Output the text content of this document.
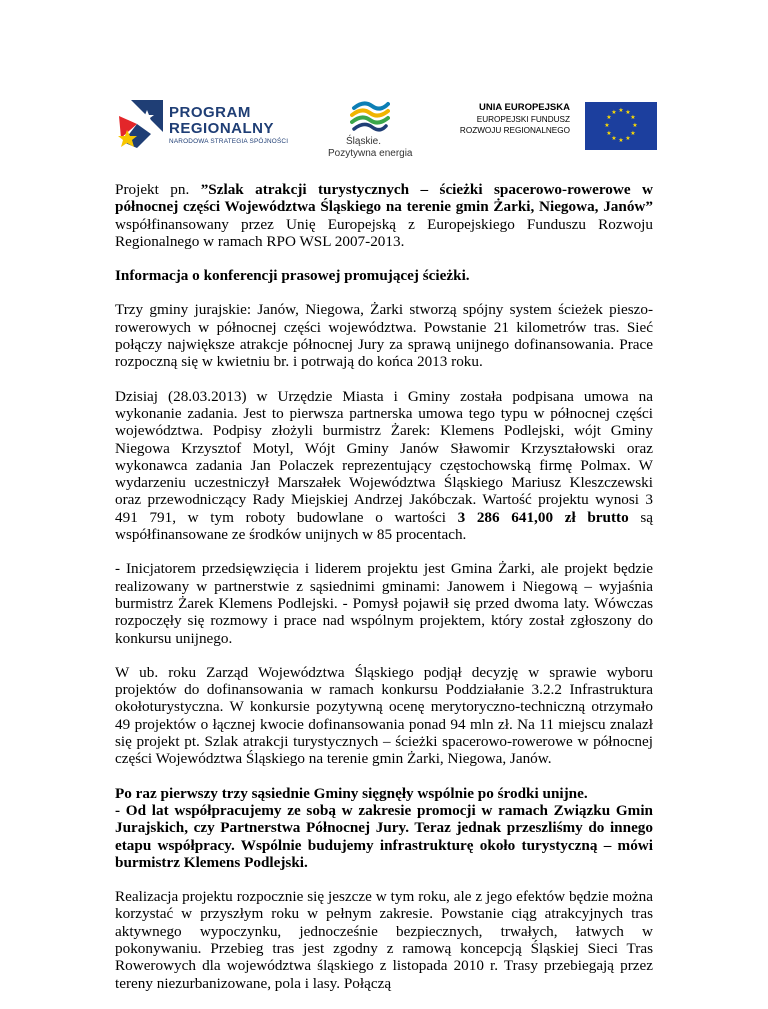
PROGRAM
REGIONALNY
NARODOWA STRATEGIA SPÓJNOŚCI	Śląskie.
Pozytywna energia
UNIA EUROPEJSKA
EUROPEJSKI FUNDUSZ
ROZWOJU REGIONALNEGO
★ ★
★
★
★
★
★
★
★
★
★
★

Projekt pn. ”Szlak atrakcji turystycznych – ścieżki spacerowo-rowerowe w północnej części Województwa Śląskiego na terenie gmin Żarki, Niegowa, Janów” współfinansowany przez Unię Europejską z Europejskiego Funduszu Rozwoju Regionalnego w ramach RPO WSL 2007-2013.

Informacja o konferencji prasowej promującej ścieżki.

Trzy gminy jurajskie: Janów, Niegowa, Żarki stworzą spójny system ścieżek pieszo-rowerowych w północnej części województwa. Powstanie 21 kilometrów tras. Sieć połączy największe atrakcje północnej Jury za sprawą unijnego dofinansowania. Prace rozpoczną się w kwietniu br. i potrwają do końca 2013 roku.

Dzisiaj (28.03.2013) w Urzędzie Miasta i Gminy została podpisana umowa na wykonanie zadania. Jest to pierwsza partnerska umowa tego typu w północnej części województwa. Podpisy złożyli burmistrz Żarek: Klemens Podlejski, wójt Gminy Niegowa Krzysztof Motyl, Wójt Gminy Janów Sławomir Krzyształowski oraz wykonawca zadania Jan Polaczek reprezentujący częstochowską firmę Polmax. W wydarzeniu uczestniczył Marszałek Województwa Śląskiego Mariusz Kleszczewski oraz przewodniczący Rady Miejskiej Andrzej Jakóbczak. Wartość projektu wynosi 3 491 791, w tym roboty budowlane o wartości 3 286 641,00 zł brutto są współfinansowane ze środków unijnych w 85 procentach.

- Inicjatorem przedsięwzięcia i liderem projektu jest Gmina Żarki, ale projekt będzie realizowany w partnerstwie z sąsiednimi gminami: Janowem i Niegową – wyjaśnia burmistrz Żarek Klemens Podlejski. - Pomysł pojawił się przed dwoma laty. Wówczas rozpoczęły się rozmowy i prace nad wspólnym projektem, który został zgłoszony do konkursu unijnego.

W ub. roku Zarząd Województwa Śląskiego podjął decyzję w sprawie wyboru projektów do dofinansowania w ramach konkursu Poddziałanie 3.2.2 Infrastruktura okołoturystyczna. W konkursie pozytywną ocenę merytoryczno-techniczną otrzymało 49 projektów o łącznej kwocie dofinansowania ponad 94 mln zł. Na 11 miejscu znalazł się projekt pt. Szlak atrakcji turystycznych – ścieżki spacerowo-rowerowe w północnej części Województwa Śląskiego na terenie gmin Żarki, Niegowa, Janów.

Po raz pierwszy trzy sąsiednie Gminy sięgnęły wspólnie po środki unijne.

- Od lat współpracujemy ze sobą w zakresie promocji w ramach Związku Gmin Jurajskich, czy Partnerstwa Północnej Jury. Teraz jednak przeszliśmy do innego etapu współpracy. Wspólnie budujemy infrastrukturę około turystyczną – mówi burmistrz Klemens Podlejski.

Realizacja projektu rozpocznie się jeszcze w tym roku, ale z jego efektów będzie można korzystać w przyszłym roku w pełnym zakresie. Powstanie ciąg atrakcyjnych tras aktywnego wypoczynku, jednocześnie bezpiecznych, trwałych, łatwych w pokonywaniu. Przebieg tras jest zgodny z ramową koncepcją Śląskiej Sieci Tras Rowerowych dla województwa śląskiego z listopada 2010 r. Trasy przebiegają przez tereny niezurbanizowane, pola i lasy. Połączą
